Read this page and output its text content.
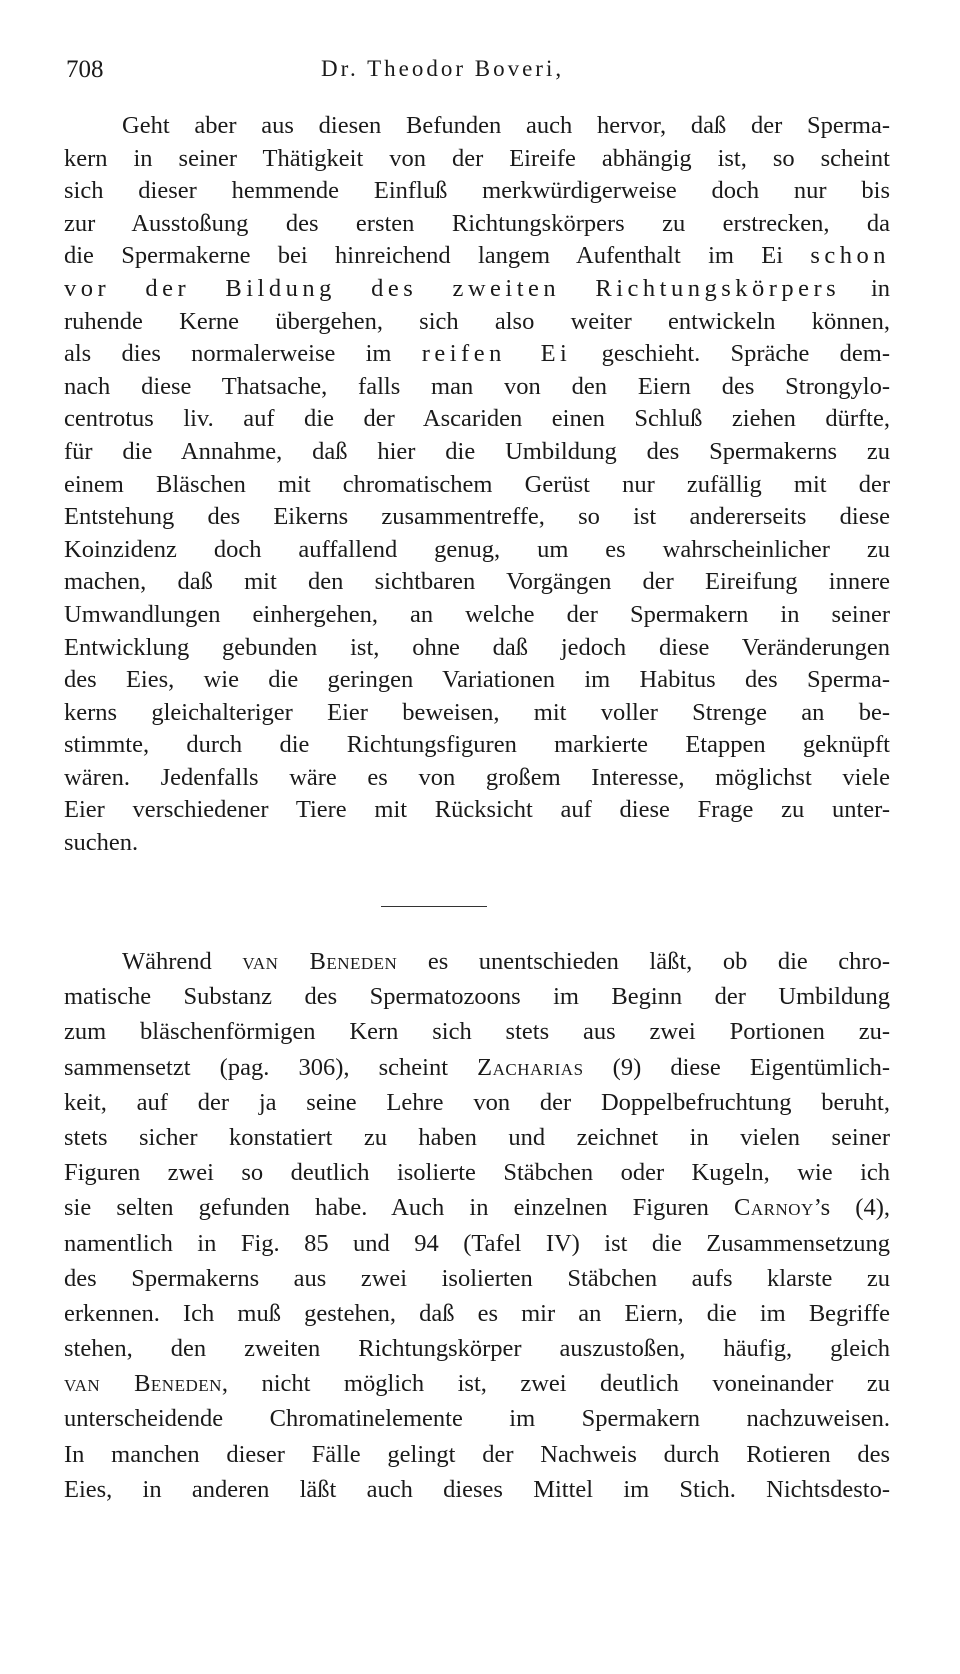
708	Dr. Theodor Boveri,
Geht aber aus diesen Befunden auch hervor, daß der Sperma-
kern in seiner Thätigkeit von der Eireife abhängig ist, so scheint
sich dieser hemmende Einfluß merkwürdigerweise doch nur bis
zur Ausstoßung des ersten Richtungskörpers zu erstrecken, da
die Spermakerne bei hinreichend langem Aufenthalt im Ei schon
vor der Bildung des zweiten Richtungskörpers in
ruhende Kerne übergehen, sich also weiter entwickeln können,
als dies normalerweise im reifen Ei geschieht. Spräche dem-
nach diese Thatsache, falls man von den Eiern des Strongylo-
centrotus liv. auf die der Ascariden einen Schluß ziehen dürfte,
für die Annahme, daß hier die Umbildung des Spermakerns zu
einem Bläschen mit chromatischem Gerüst nur zufällig mit der
Entstehung des Eikerns zusammentreffe, so ist andererseits diese
Koinzidenz doch auffallend genug, um es wahrscheinlicher zu
machen, daß mit den sichtbaren Vorgängen der Eireifung innere
Umwandlungen einhergehen, an welche der Spermakern in seiner
Entwicklung gebunden ist, ohne daß jedoch diese Veränderungen
des Eies, wie die geringen Variationen im Habitus des Sperma-
kerns gleichalteriger Eier beweisen, mit voller Strenge an be-
stimmte, durch die Richtungsfiguren markierte Etappen geknüpft
wären. Jedenfalls wäre es von großem Interesse, möglichst viele
Eier verschiedener Tiere mit Rücksicht auf diese Frage zu unter-
suchen.
Während van Beneden es unentschieden läßt, ob die chro-
matische Substanz des Spermatozoons im Beginn der Umbildung
zum bläschenförmigen Kern sich stets aus zwei Portionen zu-
sammensetzt (pag. 306), scheint Zacharias (9) diese Eigentümlich-
keit, auf der ja seine Lehre von der Doppelbefruchtung beruht,
stets sicher konstatiert zu haben und zeichnet in vielen seiner
Figuren zwei so deutlich isolierte Stäbchen oder Kugeln, wie ich
sie selten gefunden habe. Auch in einzelnen Figuren Carnoy’s (4),
namentlich in Fig. 85 und 94 (Tafel IV) ist die Zusammensetzung
des Spermakerns aus zwei isolierten Stäbchen aufs klarste zu
erkennen. Ich muß gestehen, daß es mir an Eiern, die im Begriffe
stehen, den zweiten Richtungskörper auszustoßen, häufig, gleich
van Beneden, nicht möglich ist, zwei deutlich voneinander zu
unterscheidende Chromatinelemente im Spermakern nachzuweisen.
In manchen dieser Fälle gelingt der Nachweis durch Rotieren des
Eies, in anderen läßt auch dieses Mittel im Stich. Nichtsdesto-
